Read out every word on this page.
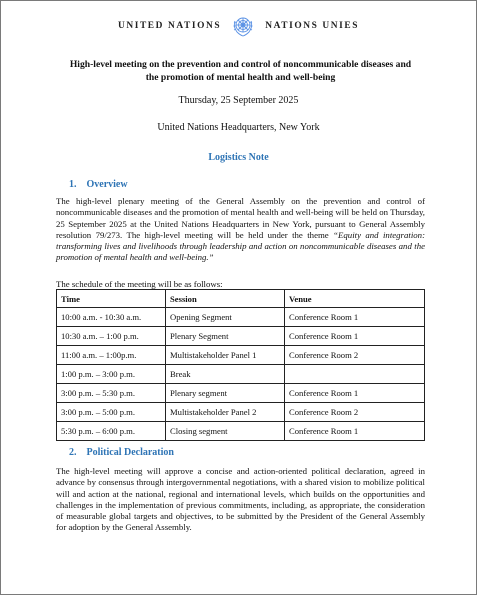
UNITED NATIONS	NATIONS UNIES
High-level meeting on the prevention and control of noncommunicable diseases and
the promotion of mental health and well-being
Thursday, 25 September 2025
United Nations Headquarters, New York
Logistics Note
1. Overview
The high-level plenary meeting of the General Assembly on the prevention and control of noncommunicable diseases and the promotion of mental health and well-being will be held on Thursday, 25 September 2025 at the United Nations Headquarters in New York, pursuant to General Assembly resolution 79/273. The high-level meeting will be held under the theme “Equity and integration: transforming lives and livelihoods through leadership and action on noncommunicable diseases and the promotion of mental health and well-being.”
The schedule of the meeting will be as follows:
Time	Session	Venue
10:00 a.m. - 10:30 a.m.	Opening Segment	Conference Room 1
10:30 a.m. – 1:00 p.m.	Plenary Segment	Conference Room 1
11:00 a.m. – 1:00p.m.	Multistakeholder Panel 1	Conference Room 2
1:00 p.m. – 3:00 p.m.	Break	
3:00 p.m. – 5:30 p.m.	Plenary segment	Conference Room 1
3:00 p.m. – 5:00 p.m.	Multistakeholder Panel 2	Conference Room 2
5:30 p.m. – 6:00 p.m.	Closing segment	Conference Room 1
2. Political Declaration
The high-level meeting will approve a concise and action-oriented political declaration, agreed in advance by consensus through intergovernmental negotiations, with a shared vision to mobilize political will and action at the national, regional and international levels, which builds on the opportunities and challenges in the implementation of previous commitments, including, as appropriate, the consideration of measurable global targets and objectives, to be submitted by the President of the General Assembly for adoption by the General Assembly.
